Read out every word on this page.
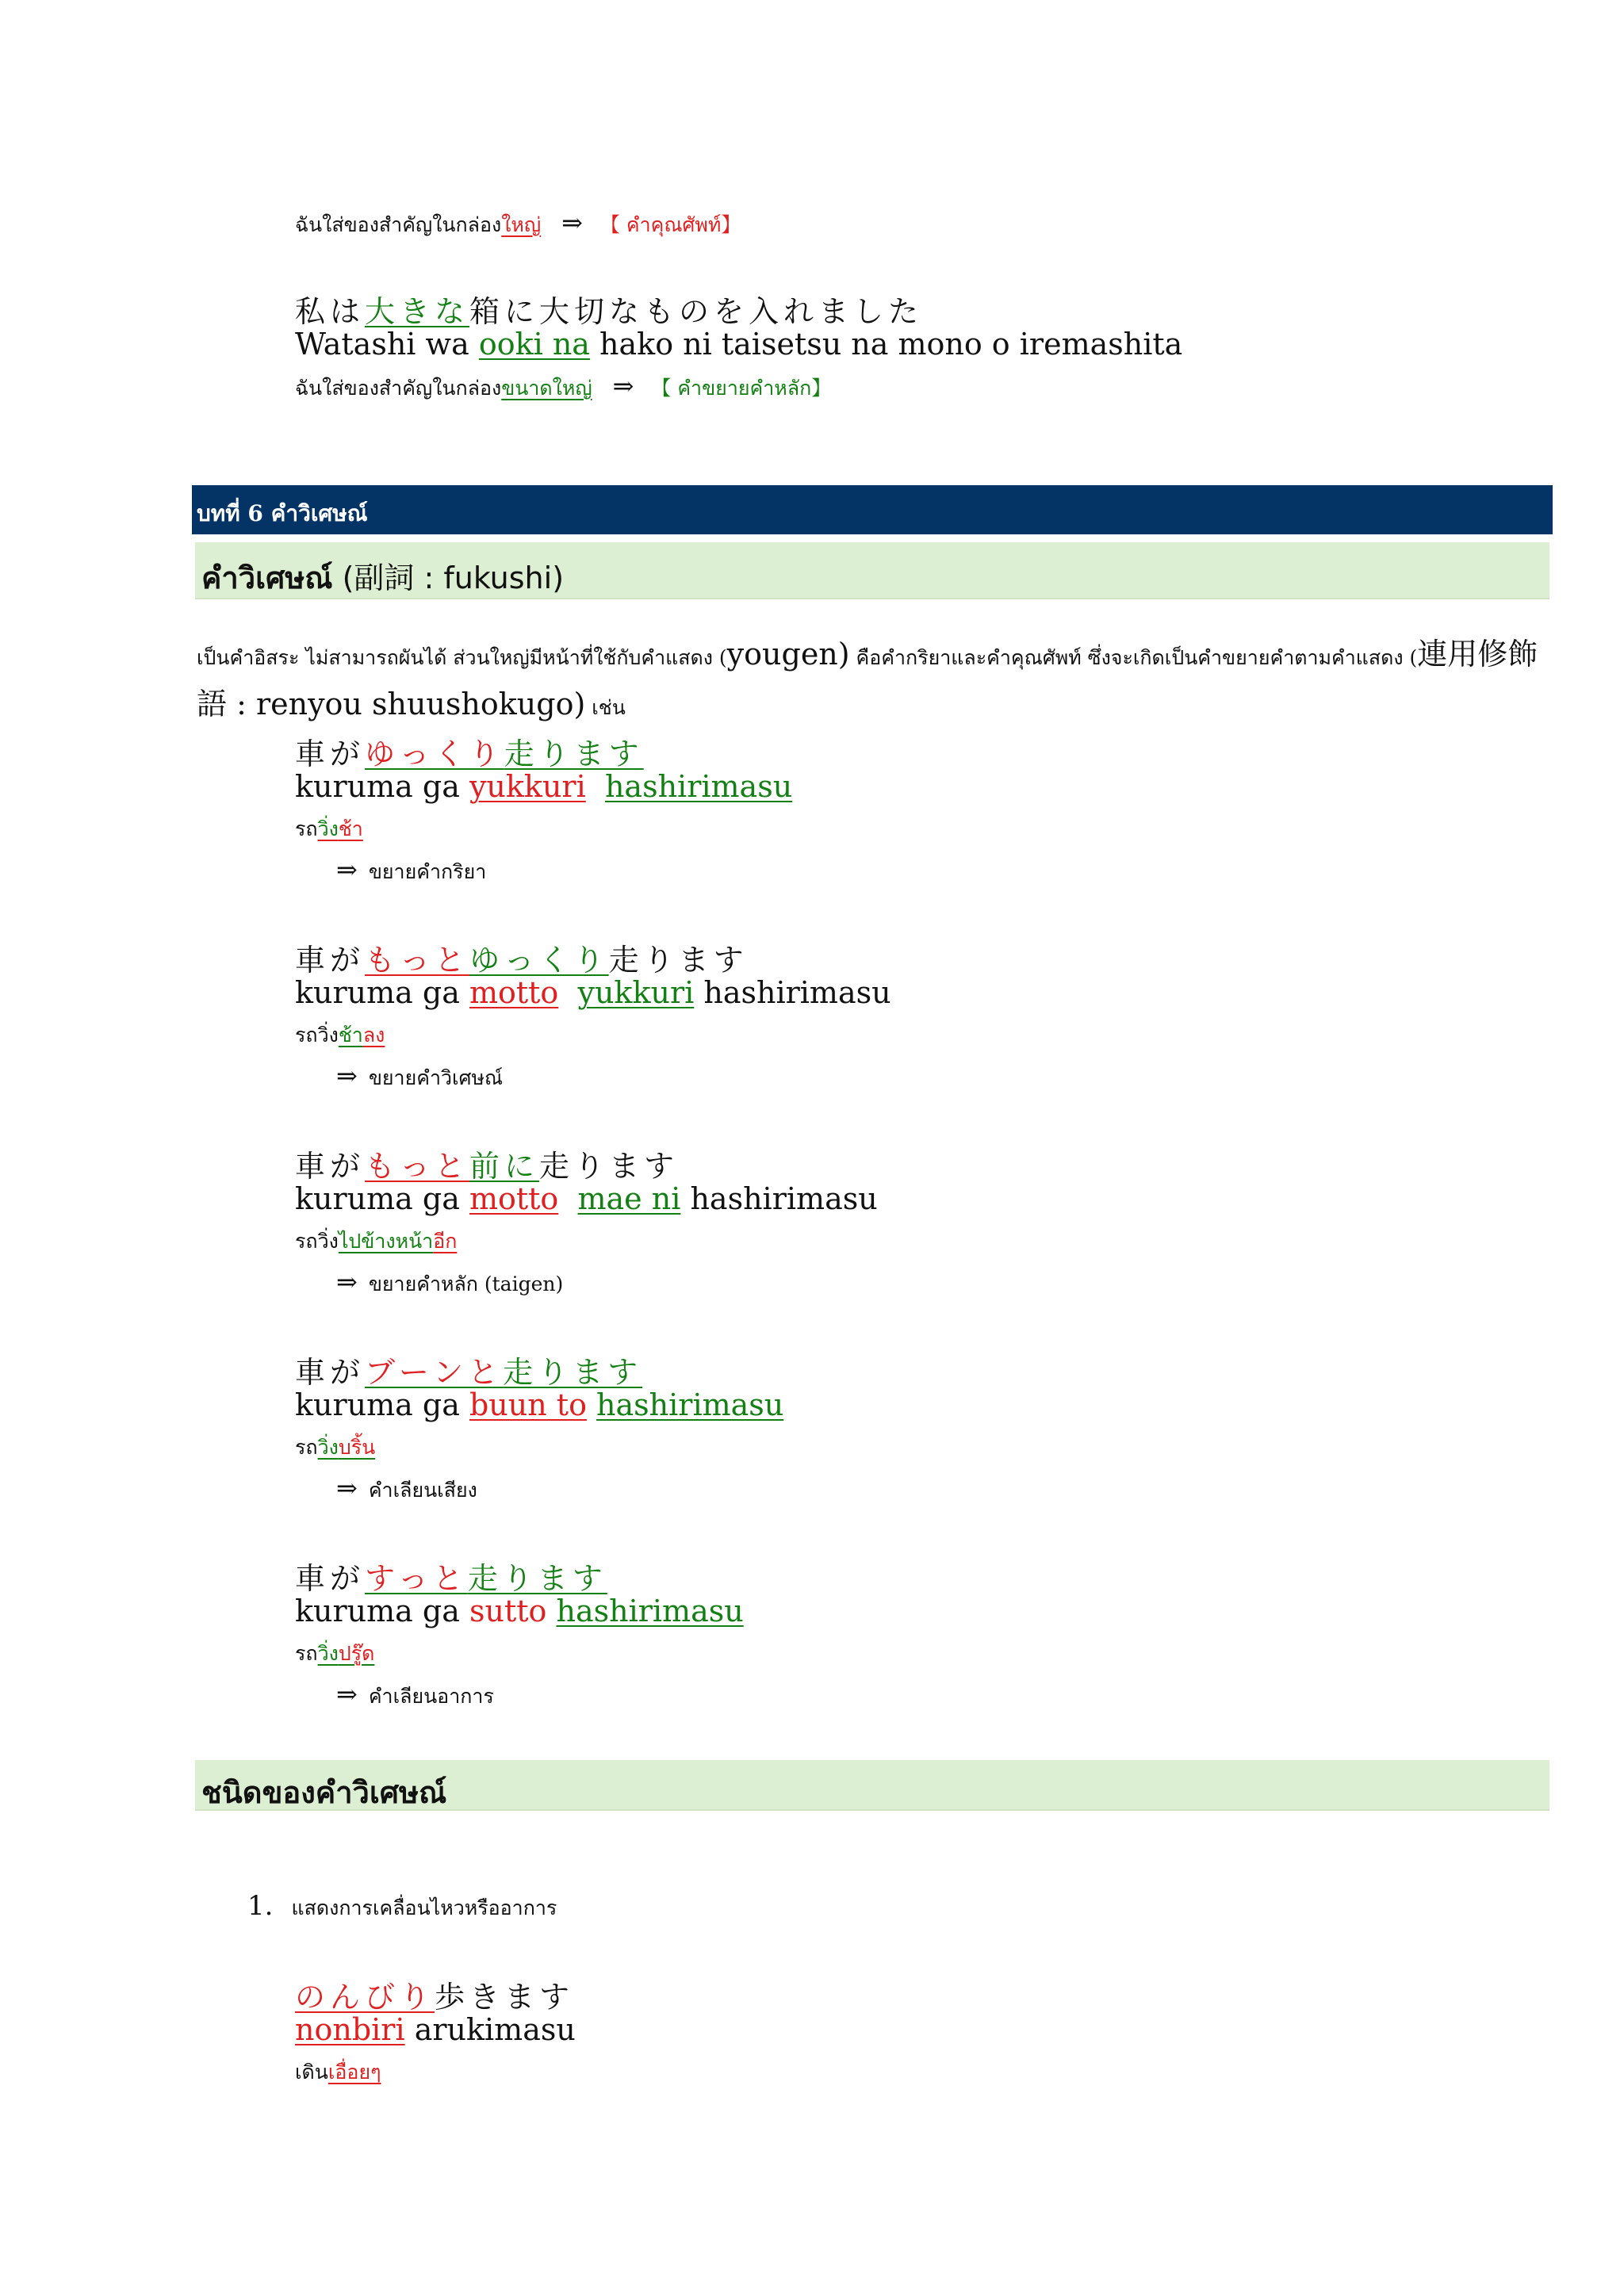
ฉันใส่ของสำคัญในกล่องใหญ่ ⇒ 【 คำคุณศัพท์】
私は大きな箱に大切なものを入れました
Watashi wa ooki na hako ni taisetsu na mono o iremashita
ฉันใส่ของสำคัญในกล่องขนาดใหญ่ ⇒ 【 คำขยายคำหลัก】
บทที่ 6 คำวิเศษณ์
คำวิเศษณ์ (副詞 : fukushi)
เป็นคำอิสระ ไม่สามารถผันได้ ส่วนใหญ่มีหน้าที่ใช้กับคำแสดง (yougen) คือคำกริยาและคำคุณศัพท์ ซึ่งจะเกิดเป็นคำขยายคำตามคำแสดง (連用修飾語 : renyou shuushokugo) เช่น
車がゆっくり走ります
kuruma ga yukkuri hashirimasu
รถวิ่งช้า
⇒ ขยายคำกริยา
車がもっとゆっくり走ります
kuruma ga motto yukkuri hashirimasu
รถวิ่งช้าลง
⇒ ขยายคำวิเศษณ์
車がもっと前に走ります
kuruma ga motto mae ni hashirimasu
รถวิ่งไปข้างหน้าอีก
⇒ ขยายคำหลัก (taigen)
車がブーンと走ります
kuruma ga buun to hashirimasu
รถวิ่งบริ้น
⇒ คำเลียนเสียง
車がすっと走ります
kuruma ga sutto hashirimasu
รถวิ่งปรู๊ด
⇒ คำเลียนอาการ
ชนิดของคำวิเศษณ์
1. แสดงการเคลื่อนไหวหรืออาการ
のんびり歩きます
nonbiri arukimasu
เดินเอื่อยๆ
